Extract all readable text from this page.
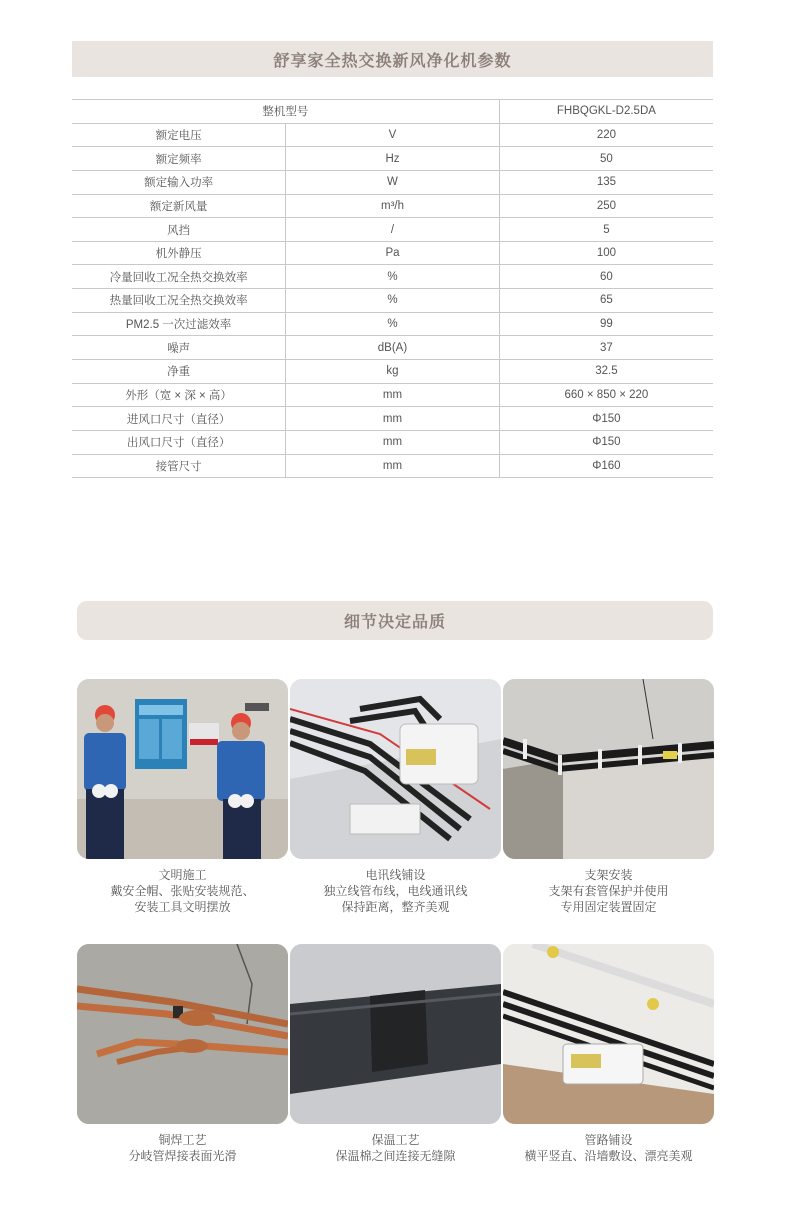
舒享家全热交换新风净化机参数
整机型号		FHBQGKL-D2.5DA
额定电压	V	220
额定频率	Hz	50
额定输入功率	W	135
额定新风量	m³/h	250
风挡	/	5
机外静压	Pa	100
冷量回收工况全热交换效率	%	60
热量回收工况全热交换效率	%	65
PM2.5 一次过滤效率	%	99
噪声	dB(A)	37
净重	kg	32.5
外形（宽 × 深 × 高）	mm	660 × 850 × 220
进风口尺寸（直径）	mm	Φ150
出风口尺寸（直径）	mm	Φ150
接管尺寸	mm	Φ160
细节决定品质
文明施工
戴安全帽、张贴安装规范、
安装工具文明摆放
电讯线铺设
独立线管布线，电线通讯线
保持距离，整齐美观
支架安装
支架有套管保护并使用
专用固定装置固定
铜焊工艺
分岐管焊接表面光滑
保温工艺
保温棉之间连接无缝隙
管路铺设
横平竖直、沿墙敷设、漂亮美观
